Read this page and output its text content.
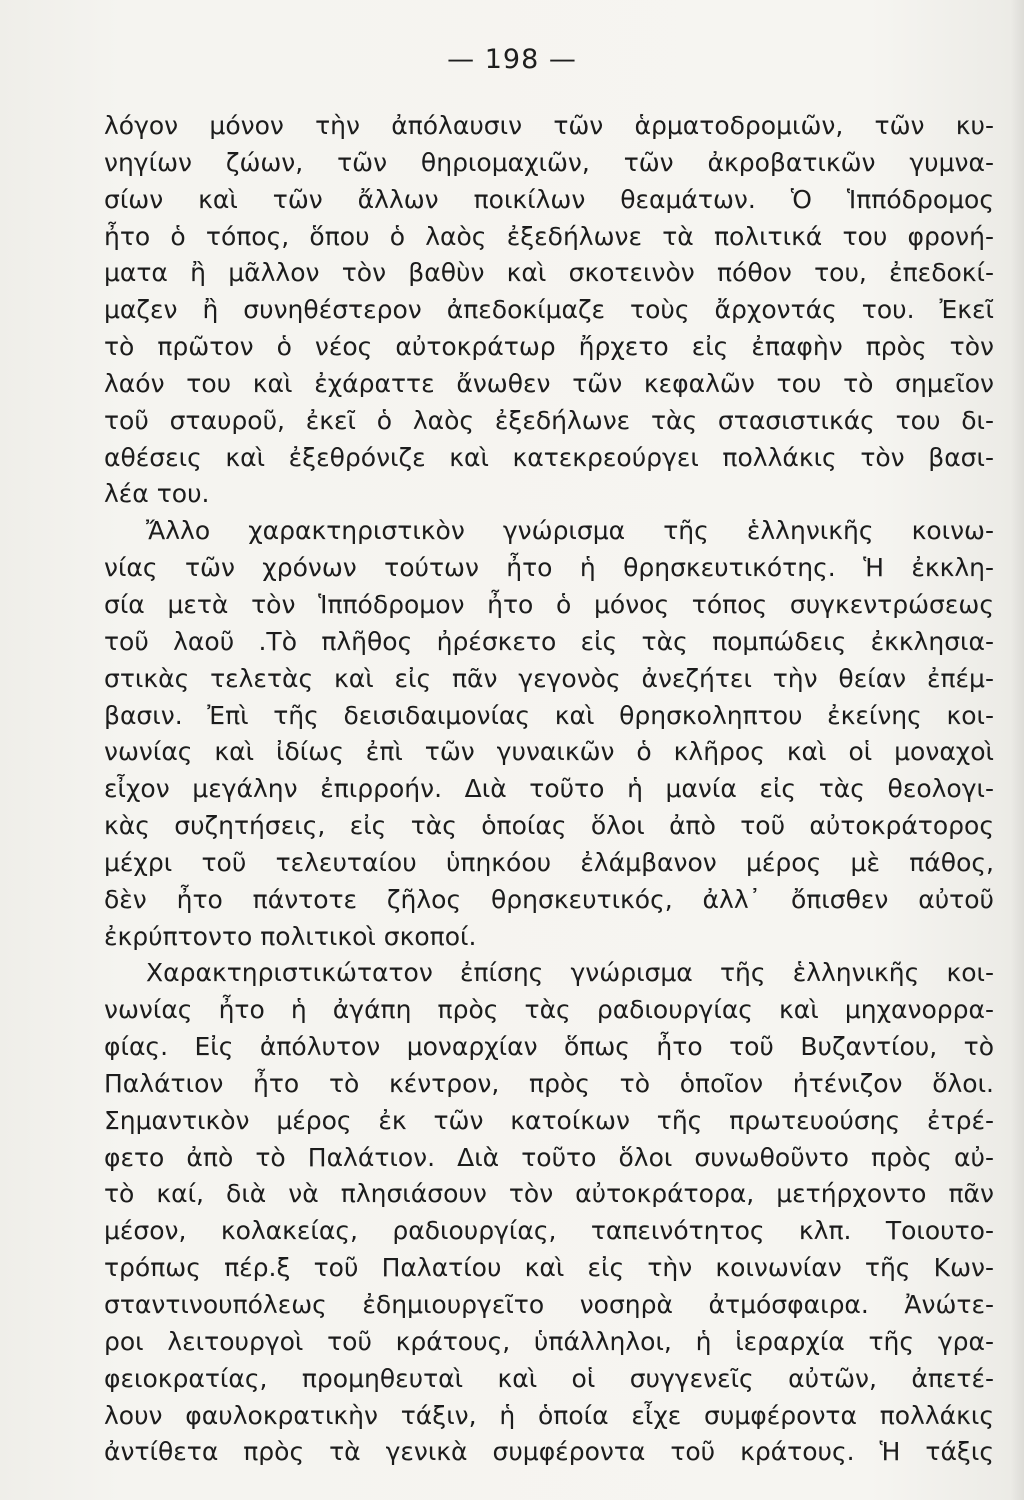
— 198 —
λόγον μόνον τὴν ἀπόλαυσιν τῶν ἁρματοδρομιῶν, τῶν κυ-
νηγίων ζώων, τῶν θηριομαχιῶν, τῶν ἀκροβατικῶν γυμνα-
σίων καὶ τῶν ἄλλων ποικίλων θεαμάτων. Ὁ Ἱππόδρομος
ἦτο ὁ τόπος, ὅπου ὁ λαὸς ἐξεδήλωνε τὰ πολιτικά του φρονή-
ματα ἢ μᾶλλον τὸν βαθὺν καὶ σκοτεινὸν πόθον του, ἐπεδοκί-
μαζεν ἢ συνηθέστερον ἀπεδοκίμαζε τοὺς ἄρχοντάς του. Ἐκεῖ
τὸ πρῶτον ὁ νέος αὐτοκράτωρ ἤρχετο εἰς ἐπαφὴν πρὸς τὸν
λαόν του καὶ ἐχάραττε ἄνωθεν τῶν κεφαλῶν του τὸ σημεῖον
τοῦ σταυροῦ, ἐκεῖ ὁ λαὸς ἐξεδήλωνε τὰς στασιστικάς του δι-
αθέσεις καὶ ἐξεθρόνιζε καὶ κατεκρεούργει πολλάκις τὸν βασι-
λέα του.
Ἄλλο χαρακτηριστικὸν γνώρισμα τῆς ἑλληνικῆς κοινω-
νίας τῶν χρόνων τούτων ἦτο ἡ θρησκευτικότης. Ἡ ἐκκλη-
σία μετὰ τὸν Ἱππόδρομον ἦτο ὁ μόνος τόπος συγκεντρώσεως
τοῦ λαοῦ .Τὸ πλῆθος ἠρέσκετο εἰς τὰς πομπώδεις ἐκκλησια-
στικὰς τελετὰς καὶ εἰς πᾶν γεγονὸς ἀνεζήτει τὴν θείαν ἐπέμ-
βασιν. Ἐπὶ τῆς δεισιδαιμονίας καὶ θρησκοληπτου ἐκείνης κοι-
νωνίας καὶ ἰδίως ἐπὶ τῶν γυναικῶν ὁ κλῆρος καὶ οἱ μοναχοὶ
εἶχον μεγάλην ἐπιρροήν. Διὰ τοῦτο ἡ μανία εἰς τὰς θεολογι-
κὰς συζητήσεις, εἰς τὰς ὁποίας ὅλοι ἀπὸ τοῦ αὐτοκράτορος
μέχρι τοῦ τελευταίου ὑπηκόου ἐλάμβανον μέρος μὲ πάθος,
δὲν ἦτο πάντοτε ζῆλος θρησκευτικός, ἀλλ᾽ ὄπισθεν αὐτοῦ
ἐκρύπτοντο πολιτικοὶ σκοποί.
Χαρακτηριστικώτατον ἐπίσης γνώρισμα τῆς ἑλληνικῆς κοι-
νωνίας ἦτο ἡ ἀγάπη πρὸς τὰς ραδιουργίας καὶ μηχανορρα-
φίας. Εἰς ἀπόλυτον μοναρχίαν ὅπως ἦτο τοῦ Βυζαντίου, τὸ
Παλάτιον ἦτο τὸ κέντρον, πρὸς τὸ ὁποῖον ἠτένιζον ὅλοι.
Σημαντικὸν μέρος ἐκ τῶν κατοίκων τῆς πρωτευούσης ἐτρέ-
φετο ἀπὸ τὸ Παλάτιον. Διὰ τοῦτο ὅλοι συνωθοῦντο πρὸς αὐ-
τὸ καί, διὰ νὰ πλησιάσουν τὸν αὐτοκράτορα, μετήρχοντο πᾶν
μέσον, κολακείας, ραδιουργίας, ταπεινότητος κλπ. Τοιουτο-
τρόπως πέρ.ξ τοῦ Παλατίου καὶ εἰς τὴν κοινωνίαν τῆς Κων-
σταντινουπόλεως ἐδημιουργεῖτο νοσηρὰ ἀτμόσφαιρα. Ἀνώτε-
ροι λειτουργοὶ τοῦ κράτους, ὑπάλληλοι, ἡ ἱεραρχία τῆς γρα-
φειοκρατίας, προμηθευταὶ καὶ οἱ συγγενεῖς αὐτῶν, ἀπετέ-
λουν φαυλοκρατικὴν τάξιν, ἡ ὁποία εἶχε συμφέροντα πολλάκις
ἀντίθετα πρὸς τὰ γενικὰ συμφέροντα τοῦ κράτους. Ἡ τάξις
